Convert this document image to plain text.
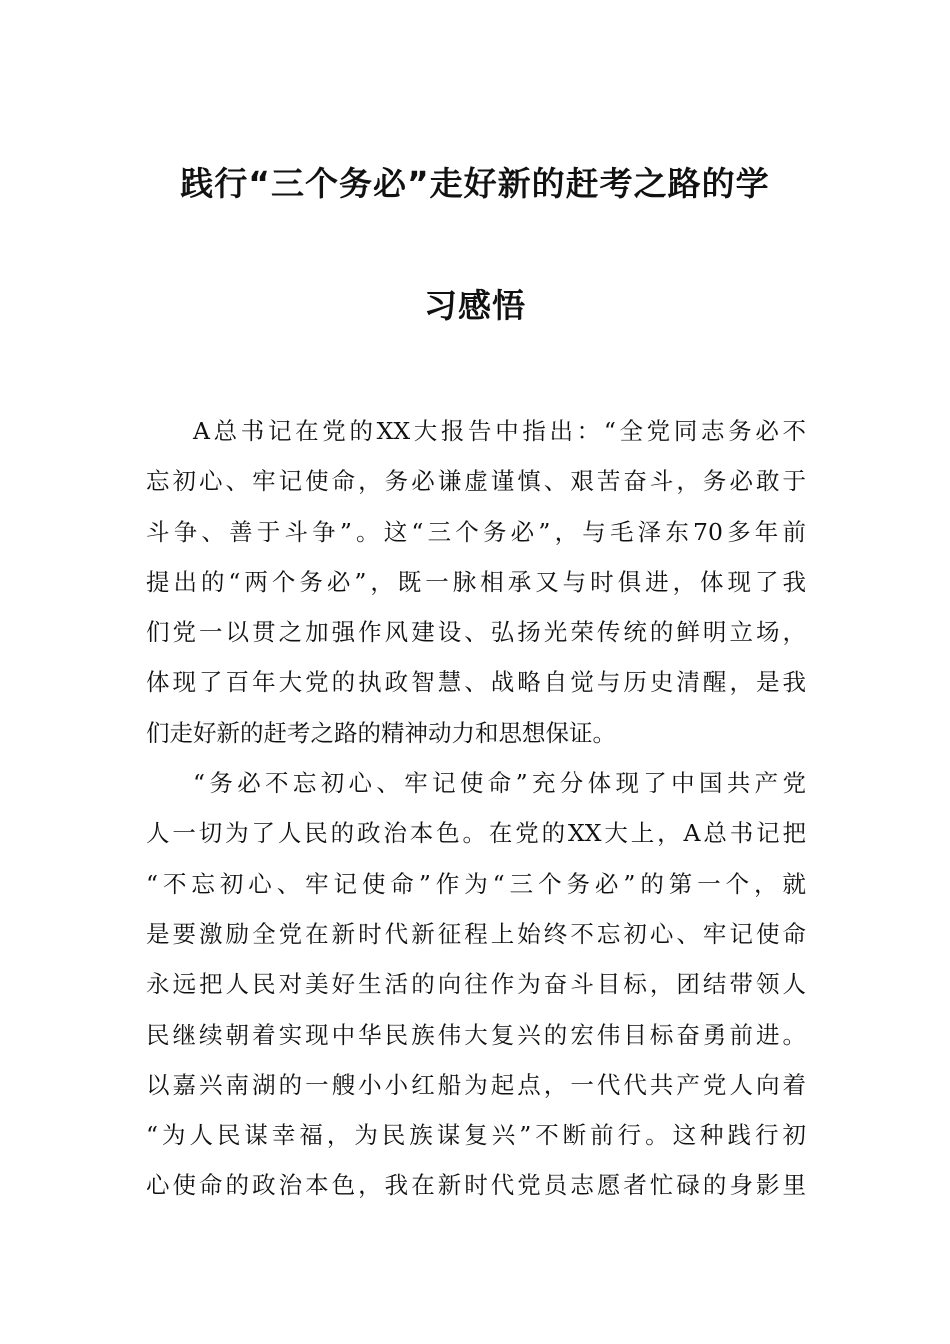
践行“三个务必”走好新的赶考之路的学
习感悟
A总书记在党的XX大报告中指出：“全党同志务必不
忘初心、牢记使命，务必谦虚谨慎、艰苦奋斗，务必敢于
斗争、善于斗争”。这“三个务必”，与毛泽东70多年前
提出的“两个务必”，既一脉相承又与时俱进，体现了我
们党一以贯之加强作风建设、弘扬光荣传统的鲜明立场，
体现了百年大党的执政智慧、战略自觉与历史清醒，是我
们走好新的赶考之路的精神动力和思想保证。
“务必不忘初心、牢记使命”充分体现了中国共产党
人一切为了人民的政治本色。在党的XX大上，A总书记把
“不忘初心、牢记使命”作为“三个务必”的第一个，就
是要激励全党在新时代新征程上始终不忘初心、牢记使命
永远把人民对美好生活的向往作为奋斗目标，团结带领人
民继续朝着实现中华民族伟大复兴的宏伟目标奋勇前进。
以嘉兴南湖的一艘小小红船为起点，一代代共产党人向着
“为人民谋幸福，为民族谋复兴”不断前行。这种践行初
心使命的政治本色，我在新时代党员志愿者忙碌的身影里
